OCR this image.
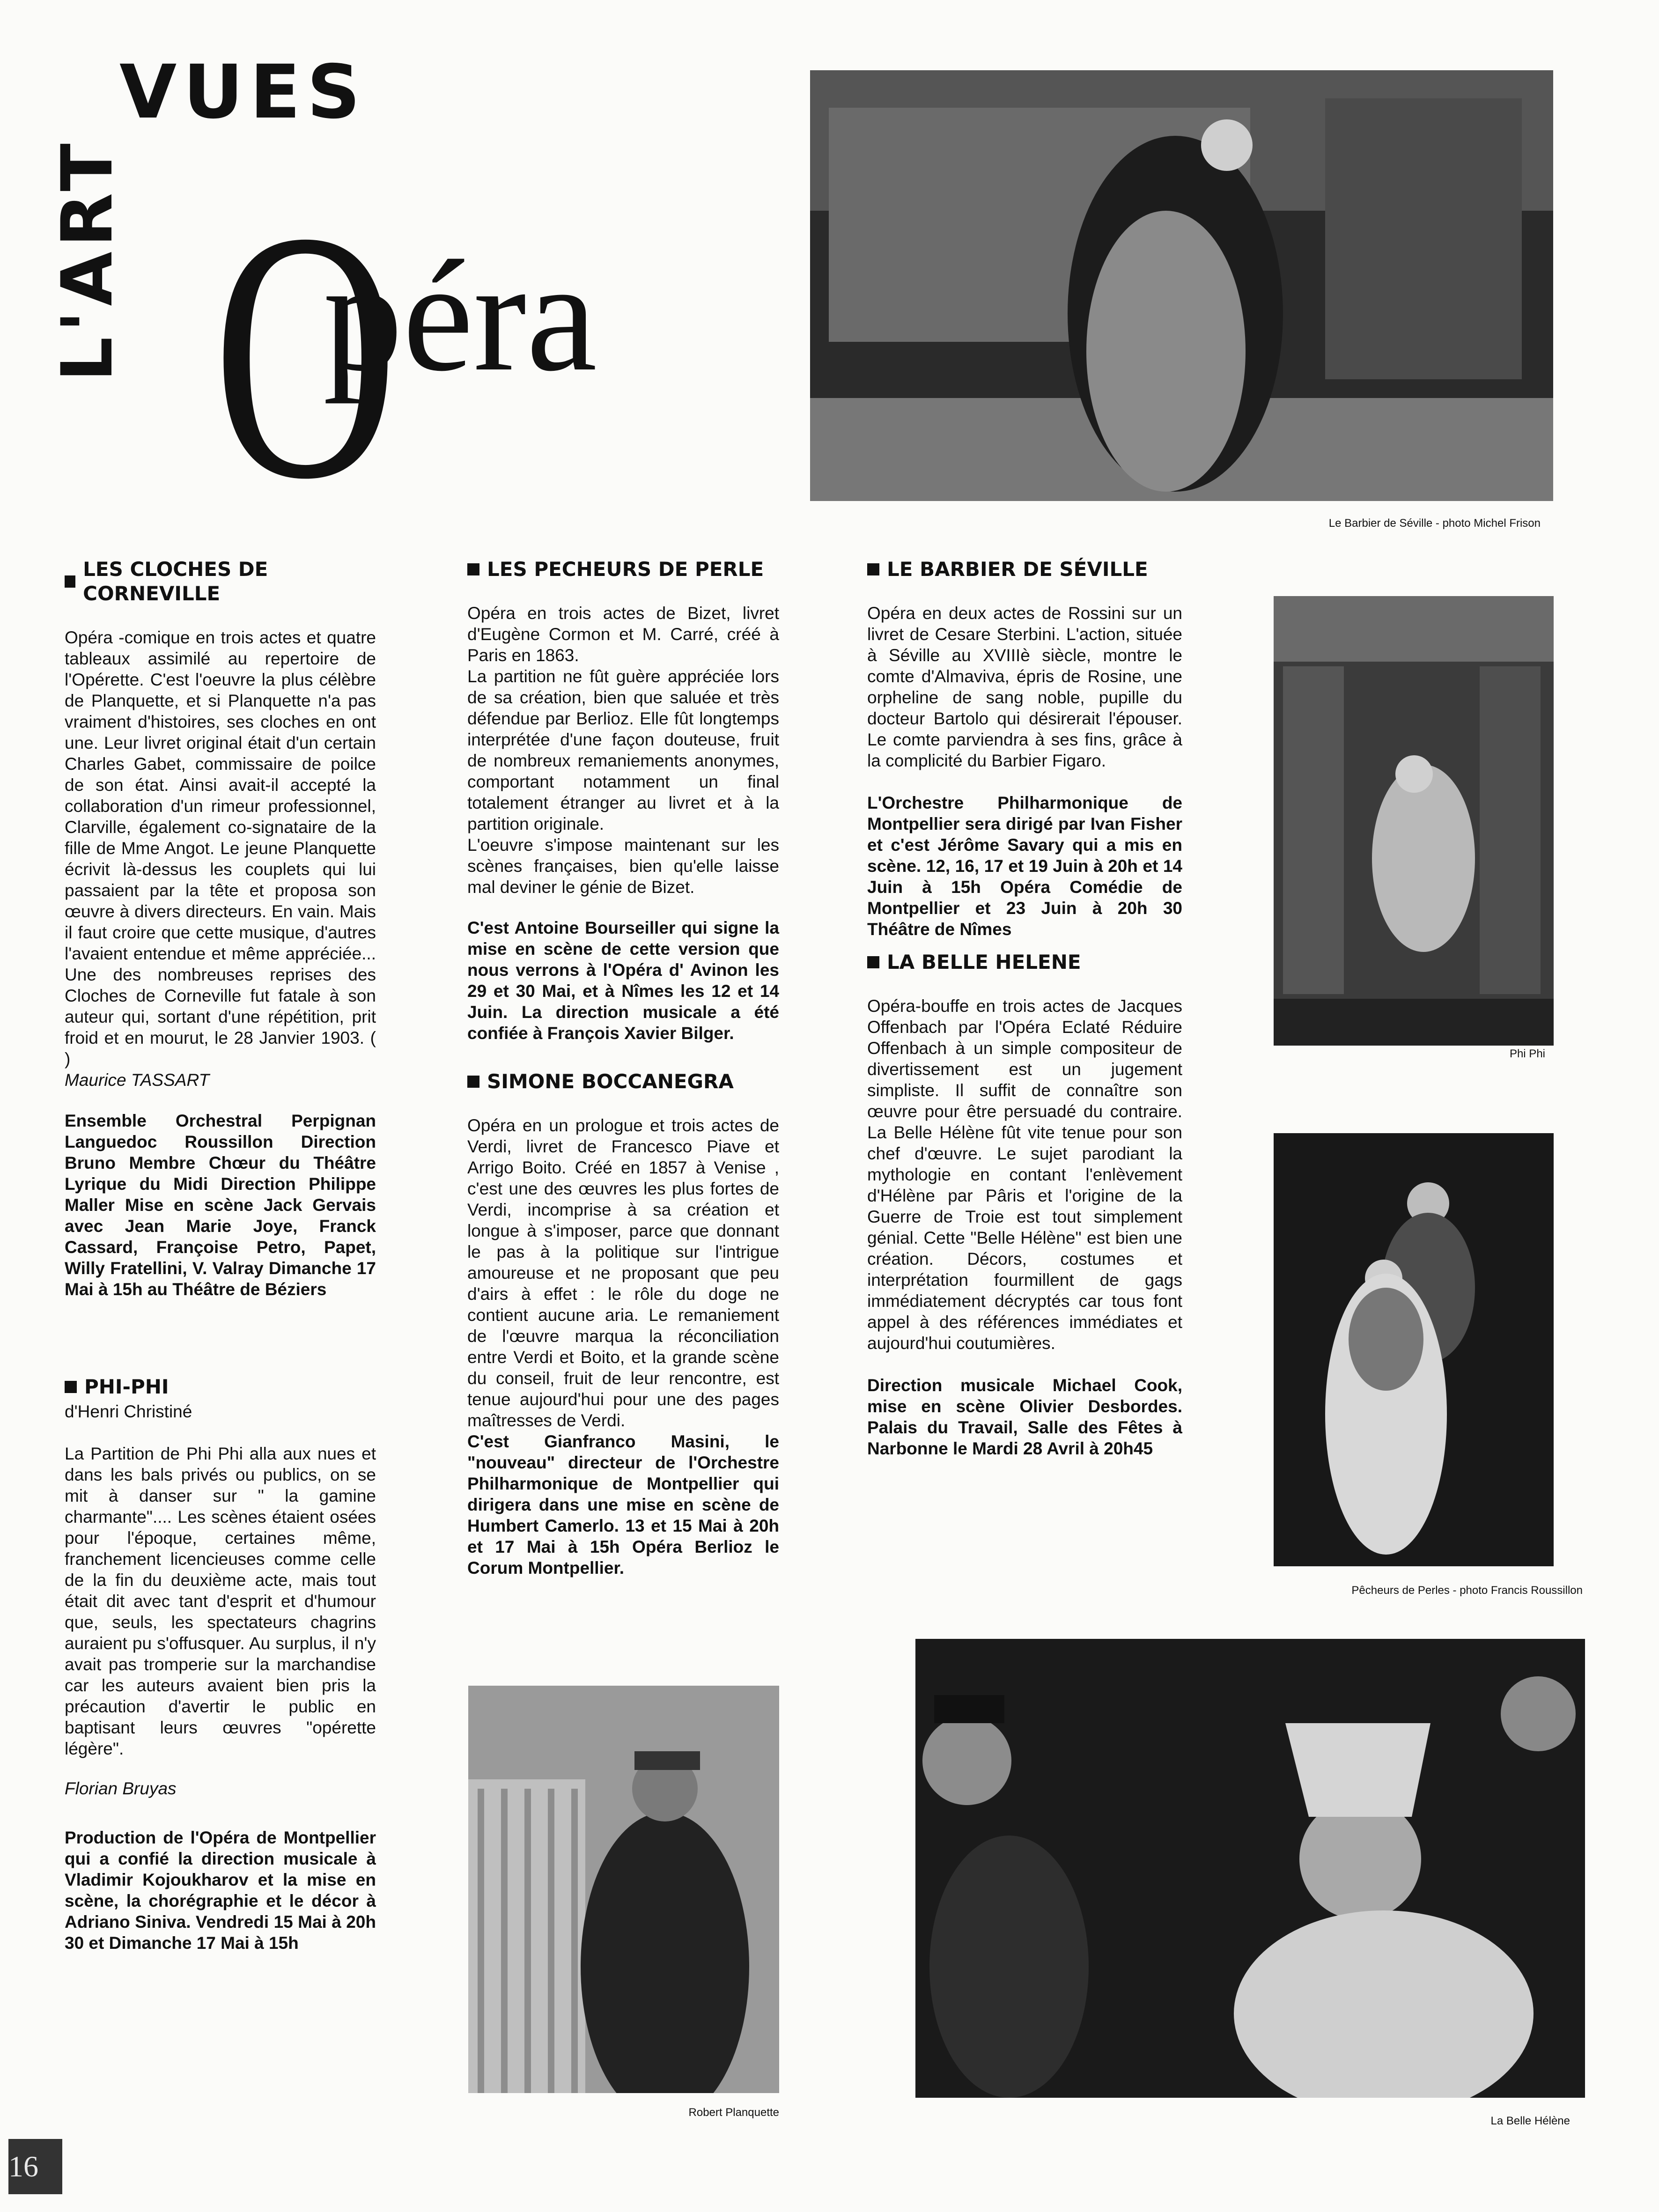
VUES
L'ART O
péra
Le Barbier de Séville - photo Michel Frison
Phi Phi
Pêcheurs de Perles - photo Francis Roussillon
Robert Planquette
La Belle Hélène
LES CLOCHES DE CORNEVILLE

Opéra -comique en trois actes et quatre tableaux assimilé au repertoire de l'Opérette. C'est l'oeuvre la plus célèbre de Planquette, et si Planquette n'a pas vraiment d'histoires, ses cloches en ont une. Leur livret original était d'un certain Charles Gabet, commissaire de poilce de son état. Ainsi avait-il accepté la collaboration d'un rimeur professionnel, Clarville, également co-signataire de la fille de Mme Angot. Le jeune Planquette écrivit là-dessus les couplets qui lui passaient par la tête et proposa son œuvre à divers directeurs. En vain. Mais il faut croire que cette musique, d'autres l'avaient entendue et même appréciée... Une des nombreuses reprises des Cloches de Corneville fut fatale à son auteur qui, sortant d'une répétition, prit froid et en mourut, le 28 Janvier 1903. ( )

Maurice TASSART

Ensemble Orchestral Perpignan Languedoc Roussillon Direction Bruno Membre Chœur du Théâtre Lyrique du Midi Direction Philippe Maller Mise en scène Jack Gervais avec Jean Marie Joye, Franck Cassard, Françoise Petro, Papet, Willy Fratellini, V. Valray Dimanche 17 Mai à 15h au Théâtre de Béziers

PHI-PHI

d'Henri Christiné

La Partition de Phi Phi alla aux nues et dans les bals privés ou publics, on se mit à danser sur " la gamine charmante".... Les scènes étaient osées pour l'époque, certaines même, franchement licencieuses comme celle de la fin du deuxième acte, mais tout était dit avec tant d'esprit et d'humour que, seuls, les spectateurs chagrins auraient pu s'offusquer. Au surplus, il n'y avait pas tromperie sur la marchandise car les auteurs avaient bien pris la précaution d'avertir le public en baptisant leurs œuvres "opérette légère".

Florian Bruyas

Production de l'Opéra de Montpellier qui a confié la direction musicale à Vladimir Kojoukharov et la mise en scène, la chorégraphie et le décor à Adriano Siniva. Vendredi 15 Mai à 20h 30 et Dimanche 17 Mai à 15h

LES PECHEURS DE PERLE

Opéra en trois actes de Bizet, livret d'Eugène Cormon et M. Carré, créé à Paris en 1863.

La partition ne fût guère appréciée lors de sa création, bien que saluée et très défendue par Berlioz. Elle fût longtemps interprétée d'une façon douteuse, fruit de nombreux remaniements anonymes, comportant notamment un final totalement étranger au livret et à la partition originale.

L'oeuvre s'impose maintenant sur les scènes françaises, bien qu'elle laisse mal deviner le génie de Bizet.

C'est Antoine Bourseiller qui signe la mise en scène de cette version que nous verrons à l'Opéra d' Avinon les 29 et 30 Mai, et à Nîmes les 12 et 14 Juin. La direction musicale a été confiée à François Xavier Bilger.

SIMONE BOCCANEGRA

Opéra en un prologue et trois actes de Verdi, livret de Francesco Piave et Arrigo Boito. Créé en 1857 à Venise , c'est une des œuvres les plus fortes de Verdi, incomprise à sa création et longue à s'imposer, parce que donnant le pas à la politique sur l'intrigue amoureuse et ne proposant que peu d'airs à effet : le rôle du doge ne contient aucune aria. Le remaniement de l'œuvre marqua la réconciliation entre Verdi et Boito, et la grande scène du conseil, fruit de leur rencontre, est tenue aujourd'hui pour une des pages maîtresses de Verdi.

C'est Gianfranco Masini, le "nouveau" directeur de l'Orchestre Philharmonique de Montpellier qui dirigera dans une mise en scène de Humbert Camerlo. 13 et 15 Mai à 20h et 17 Mai à 15h Opéra Berlioz le Corum Montpellier.

LE BARBIER DE SÉVILLE

Opéra en deux actes de Rossini sur un livret de Cesare Sterbini. L'action, située à Séville au XVIIIè siècle, montre le comte d'Almaviva, épris de Rosine, une orpheline de sang noble, pupille du docteur Bartolo qui désirerait l'épouser. Le comte parviendra à ses fins, grâce à la complicité du Barbier Figaro.

L'Orchestre Philharmonique de Montpellier sera dirigé par Ivan Fisher et c'est Jérôme Savary qui a mis en scène. 12, 16, 17 et 19 Juin à 20h et 14 Juin à 15h Opéra Comédie de Montpellier et 23 Juin à 20h 30 Théâtre de Nîmes

LA BELLE HELENE

Opéra-bouffe en trois actes de Jacques Offenbach par l'Opéra Eclaté Réduire Offenbach à un simple compositeur de divertissement est un jugement simpliste. Il suffit de connaître son œuvre pour être persuadé du contraire. La Belle Hélène fût vite tenue pour son chef d'œuvre. Le sujet parodiant la mythologie en contant l'enlèvement d'Hélène par Pâris et l'origine de la Guerre de Troie est tout simplement génial. Cette "Belle Hélène" est bien une création. Décors, costumes et interprétation fourmillent de gags immédiatement décryptés car tous font appel à des références immédiates et aujourd'hui coutumières.

Direction musicale Michael Cook, mise en scène Olivier Desbordes. Palais du Travail, Salle des Fêtes à Narbonne le Mardi 28 Avril à 20h45

16
